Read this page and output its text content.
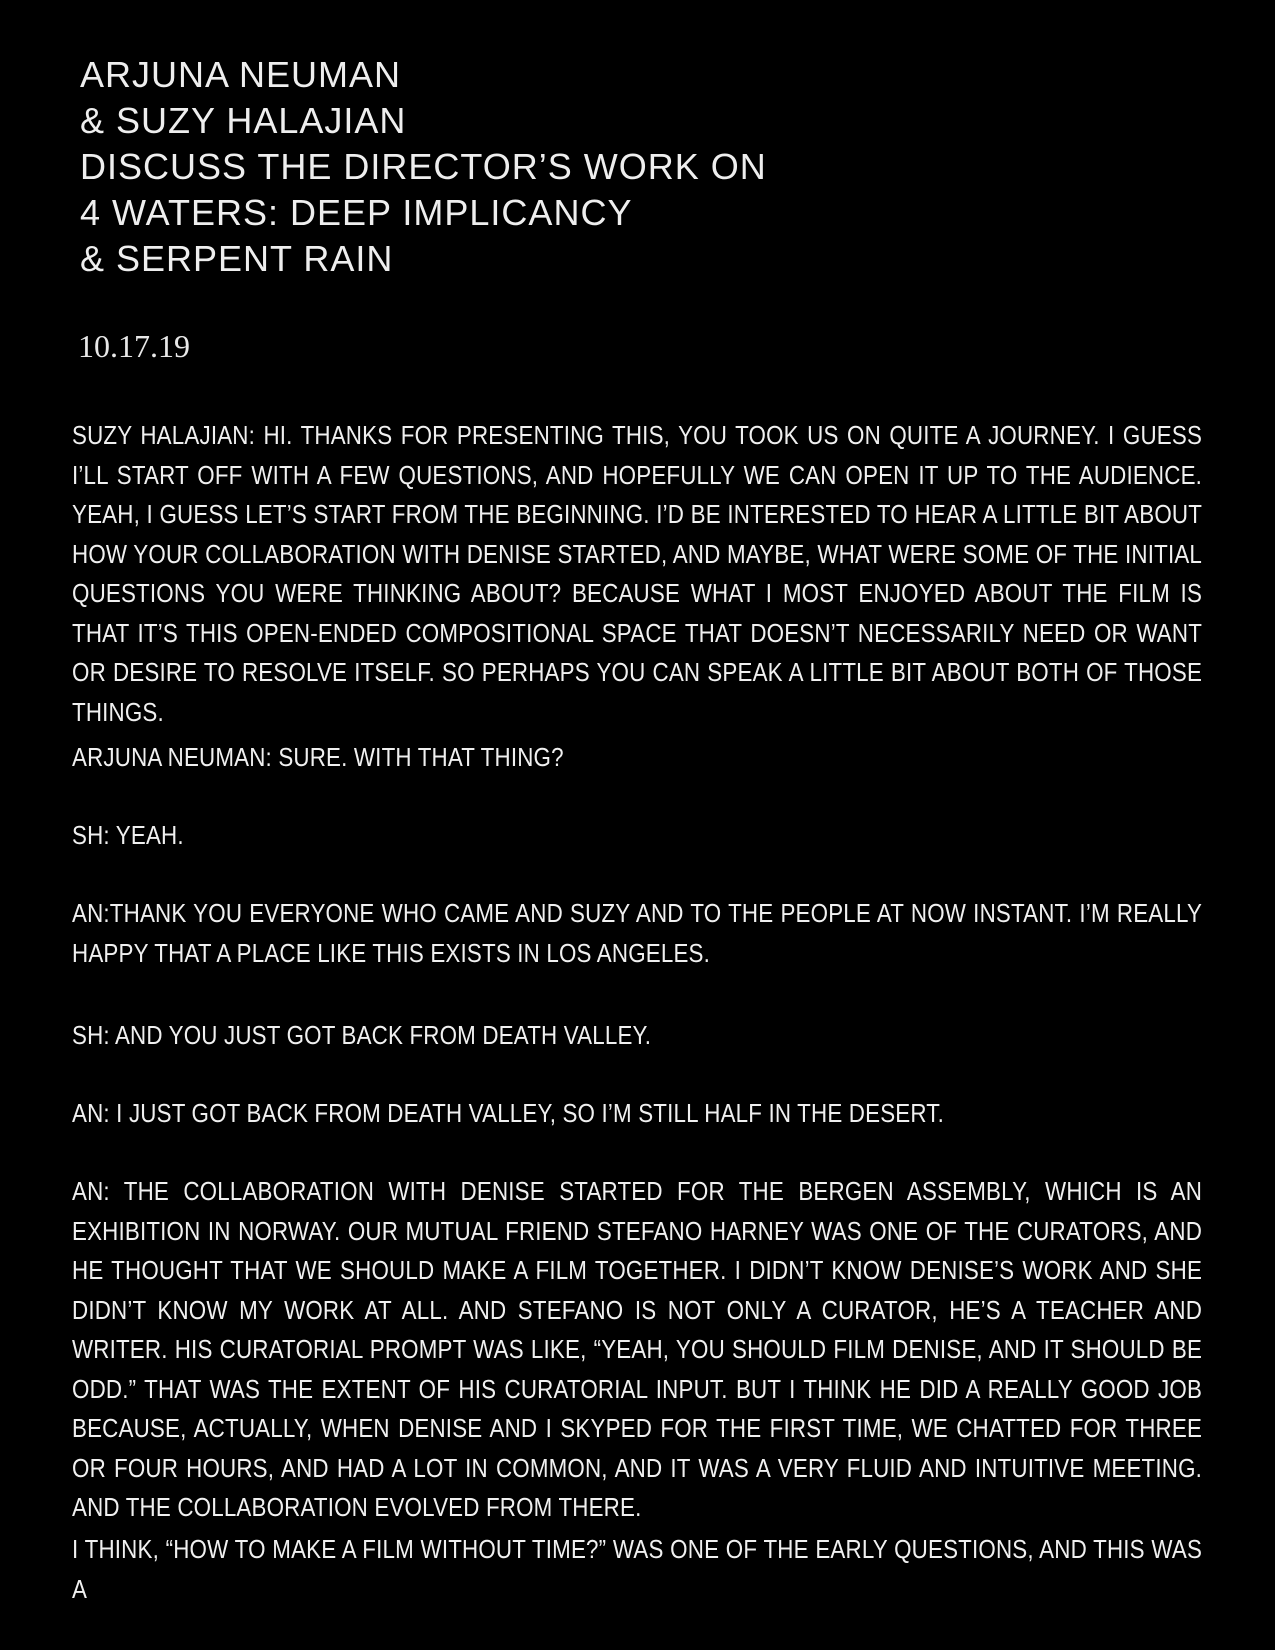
ARJUNA NEUMAN
& SUZY HALAJIAN
DISCUSS THE DIRECTOR’S WORK ON
4 WATERS: DEEP IMPLICANCY
& SERPENT RAIN
10.17.19

SUZY HALAJIAN: HI. THANKS FOR PRESENTING THIS, YOU TOOK US ON QUITE A JOURNEY. I GUESS I’LL START OFF WITH A FEW QUESTIONS, AND HOPEFULLY WE CAN OPEN IT UP TO THE AUDIENCE. YEAH, I GUESS LET’S START FROM THE BEGINNING. I’D BE INTERESTED TO HEAR A LITTLE BIT ABOUT HOW YOUR COLLABORATION WITH DENISE STARTED, AND MAYBE, WHAT WERE SOME OF THE INITIAL QUESTIONS YOU WERE THINKING ABOUT? BECAUSE WHAT I MOST ENJOYED ABOUT THE FILM IS THAT IT’S THIS OPEN-ENDED COMPOSITIONAL SPACE THAT DOESN’T NECESSARILY NEED OR WANT OR DESIRE TO RESOLVE ITSELF. SO PERHAPS YOU CAN SPEAK A LITTLE BIT ABOUT BOTH OF THOSE THINGS.

ARJUNA NEUMAN: SURE. WITH THAT THING?

SH: YEAH.

AN:THANK YOU EVERYONE WHO CAME AND SUZY AND TO THE PEOPLE AT NOW INSTANT. I’M REALLY HAPPY THAT A PLACE LIKE THIS EXISTS IN LOS ANGELES.

SH: AND YOU JUST GOT BACK FROM DEATH VALLEY.

AN: I JUST GOT BACK FROM DEATH VALLEY, SO I’M STILL HALF IN THE DESERT.

AN: THE COLLABORATION WITH DENISE STARTED FOR THE BERGEN ASSEMBLY, WHICH IS AN EXHIBITION IN NORWAY. OUR MUTUAL FRIEND STEFANO HARNEY WAS ONE OF THE CURATORS, AND HE THOUGHT THAT WE SHOULD MAKE A FILM TOGETHER. I DIDN’T KNOW DENISE’S WORK AND SHE DIDN’T KNOW MY WORK AT ALL. AND STEFANO IS NOT ONLY A CURATOR, HE’S A TEACHER AND WRITER. HIS CURATORIAL PROMPT WAS LIKE, “YEAH, YOU SHOULD FILM DENISE, AND IT SHOULD BE ODD.” THAT WAS THE EXTENT OF HIS CURATORIAL INPUT. BUT I THINK HE DID A REALLY GOOD JOB BECAUSE, ACTUALLY, WHEN DENISE AND I SKYPED FOR THE FIRST TIME, WE CHATTED FOR THREE OR FOUR HOURS, AND HAD A LOT IN COMMON, AND IT WAS A VERY FLUID AND INTUITIVE MEETING. AND THE COLLABORATION EVOLVED FROM THERE.

I THINK, “HOW TO MAKE A FILM WITHOUT TIME?” WAS ONE OF THE EARLY QUESTIONS, AND THIS WAS A
